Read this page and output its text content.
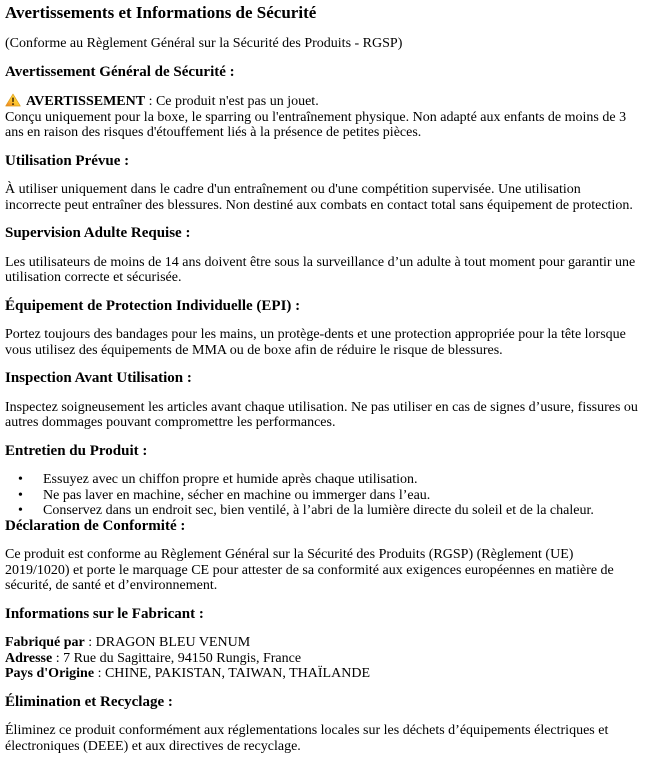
Avertissements et Informations de Sécurité

(Conforme au Règlement Général sur la Sécurité des Produits - RGSP)

Avertissement Général de Sécurité :

AVERTISSEMENT : Ce produit n'est pas un jouet.
Conçu uniquement pour la boxe, le sparring ou l'entraînement physique. Non adapté aux enfants de moins de 3 ans en raison des risques d'étouffement liés à la présence de petites pièces.

Utilisation Prévue :

À utiliser uniquement dans le cadre d'un entraînement ou d'une compétition supervisée. Une utilisation incorrecte peut entraîner des blessures. Non destiné aux combats en contact total sans équipement de protection.

Supervision Adulte Requise :

Les utilisateurs de moins de 14 ans doivent être sous la surveillance d’un adulte à tout moment pour garantir une utilisation correcte et sécurisée.

Équipement de Protection Individuelle (EPI) :

Portez toujours des bandages pour les mains, un protège-dents et une protection appropriée pour la tête lorsque vous utilisez des équipements de MMA ou de boxe afin de réduire le risque de blessures.

Inspection Avant Utilisation :

Inspectez soigneusement les articles avant chaque utilisation. Ne pas utiliser en cas de signes d’usure, fissures ou autres dommages pouvant compromettre les performances.

Entretien du Produit :

• Essuyez avec un chiffon propre et humide après chaque utilisation.
• Ne pas laver en machine, sécher en machine ou immerger dans l’eau.
• Conservez dans un endroit sec, bien ventilé, à l’abri de la lumière directe du soleil et de la chaleur.

Déclaration de Conformité :

Ce produit est conforme au Règlement Général sur la Sécurité des Produits (RGSP) (Règlement (UE) 2019/1020) et porte le marquage CE pour attester de sa conformité aux exigences européennes en matière de sécurité, de santé et d’environnement.

Informations sur le Fabricant :

Fabriqué par : DRAGON BLEU VENUM
Adresse : 7 Rue du Sagittaire, 94150 Rungis, France
Pays d'Origine : CHINE, PAKISTAN, TAIWAN, THAÏLANDE

Élimination et Recyclage :

Éliminez ce produit conformément aux réglementations locales sur les déchets d’équipements électriques et électroniques (DEEE) et aux directives de recyclage.
